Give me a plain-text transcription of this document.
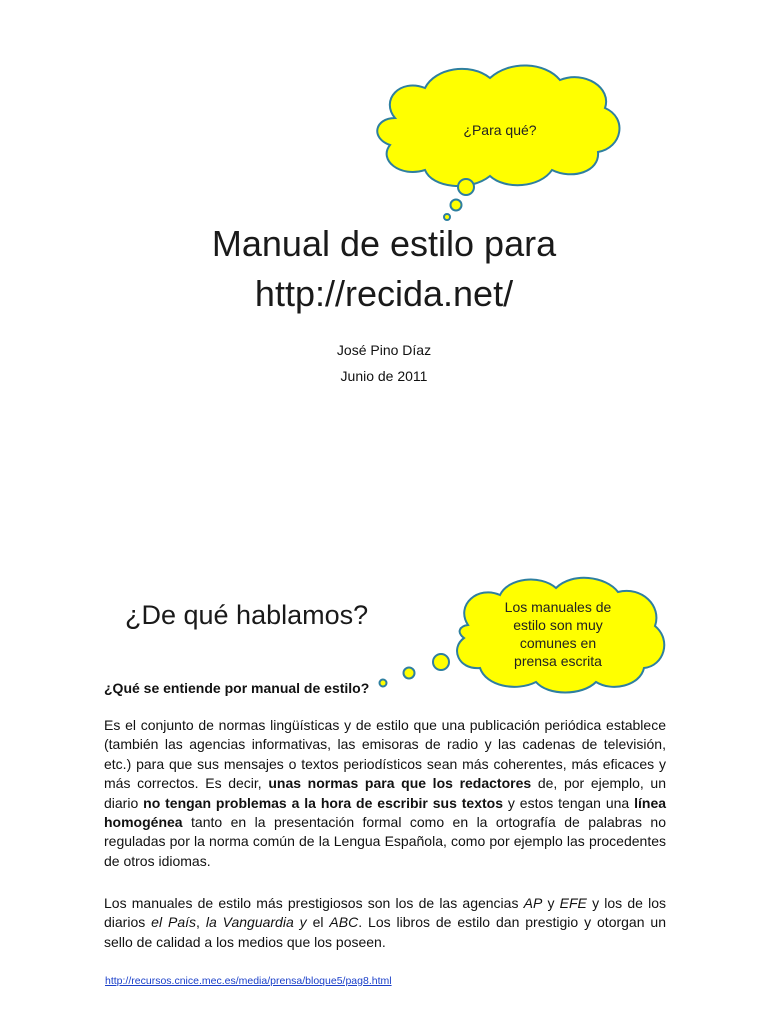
¿Para qué?
Los manuales de
estilo son muy
comunes en
prensa escrita
Manual de estilo para
http://recida.net/
José Pino Díaz
Junio de 2011
¿De qué hablamos?
¿Qué se entiende por manual de estilo?
Es el conjunto de normas lingüísticas y de estilo que una publicación periódica establece (también las agencias informativas, las emisoras de radio y las cadenas de televisión, etc.) para que sus mensajes o textos periodísticos sean más coherentes, más eficaces y más correctos. Es decir, unas normas para que los redactores de, por ejemplo, un diario no tengan problemas a la hora de escribir sus textos y estos tengan una línea homogénea tanto en la presentación formal como en la ortografía de palabras no reguladas por la norma común de la Lengua Española, como por ejemplo las procedentes de otros idiomas.
Los manuales de estilo más prestigiosos son los de las agencias AP y EFE y los de los diarios el País, la Vanguardia y el ABC. Los libros de estilo dan prestigio y otorgan un sello de calidad a los medios que los poseen.
http://recursos.cnice.mec.es/media/prensa/bloque5/pag8.html
